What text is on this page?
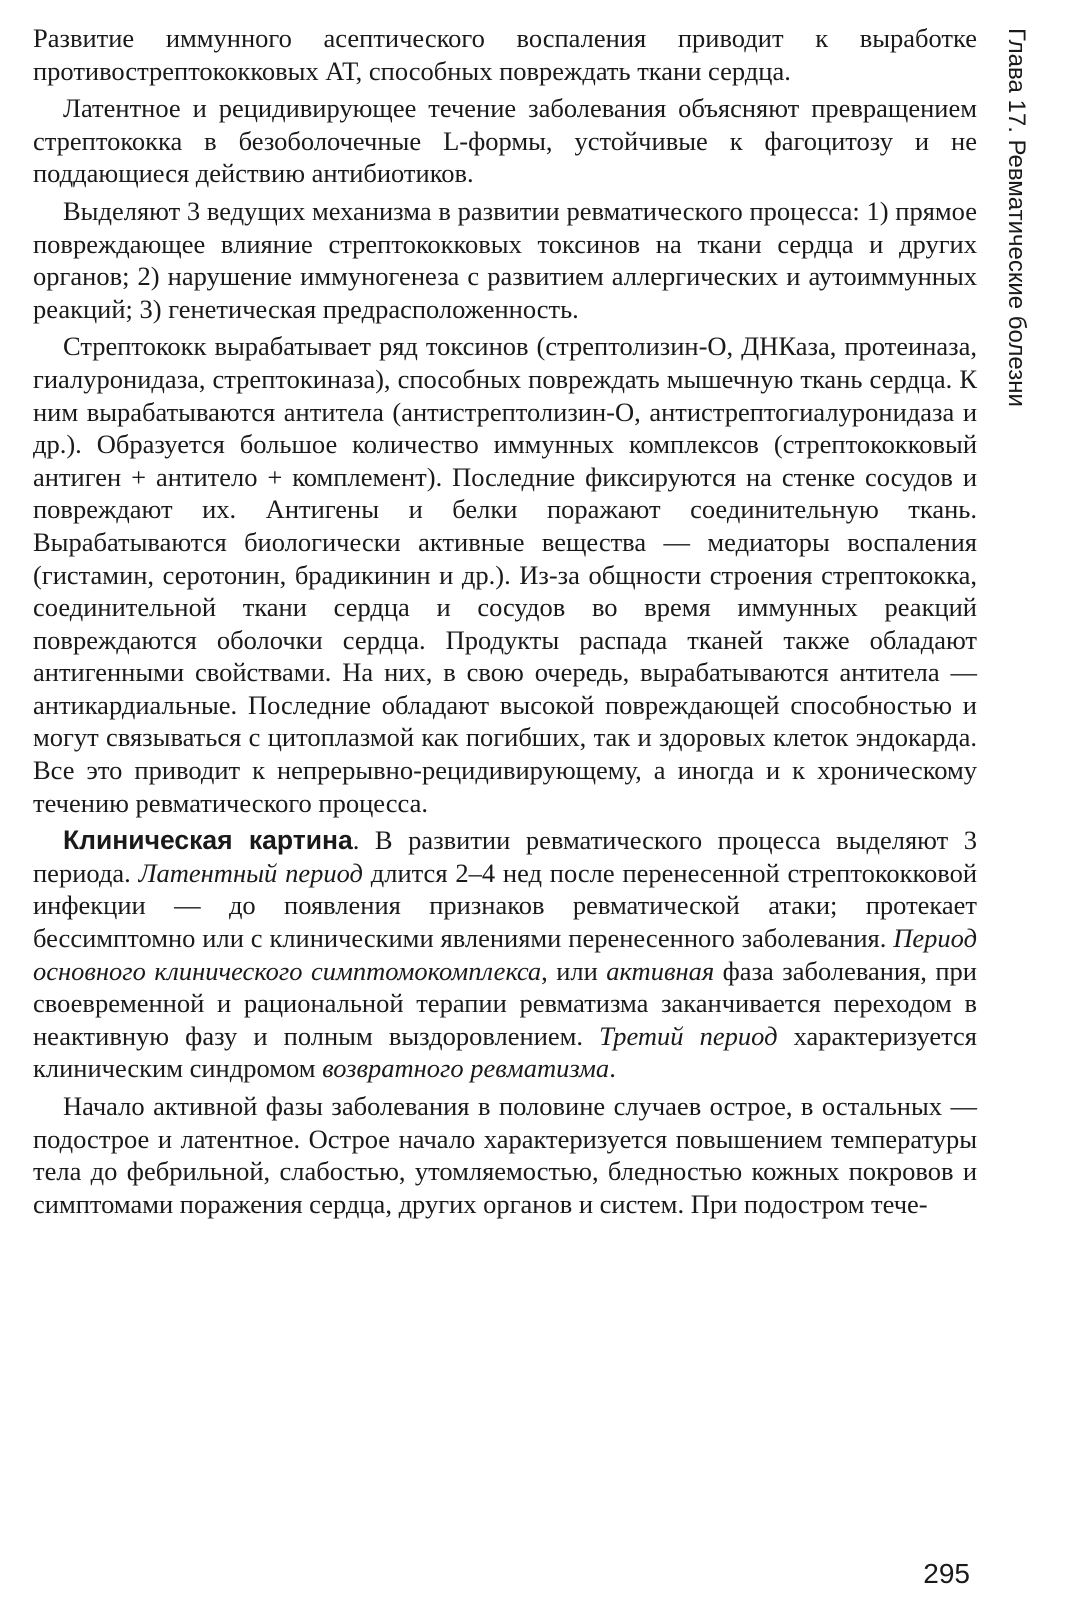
Глава 17. Ревматические болезни

Развитие иммунного асептического воспаления приводит к выработке противострептококковых АТ, способных повреждать ткани сердца.

Латентное и рецидивирующее течение заболевания объясняют превращением стрептококка в безоболочечные L-формы, устойчивые к фагоцитозу и не поддающиеся действию антибиотиков.

Выделяют 3 ведущих механизма в развитии ревматического процесса: 1) прямое повреждающее влияние стрептококковых токсинов на ткани сердца и других органов; 2) нарушение иммуногенеза с развитием аллергических и аутоиммунных реакций; 3) генетическая предрасположенность.

Стрептококк вырабатывает ряд токсинов (стрептолизин-О, ДНКаза, протеиназа, гиалуронидаза, стрептокиназа), способных повреждать мышечную ткань сердца. К ним вырабатываются антитела (антистрептолизин-О, антистрептогиалуронидаза и др.). Образуется большое количество иммунных комплексов (стрептококковый антиген + антитело + комплемент). Последние фиксируются на стенке сосудов и повреждают их. Антигены и белки поражают соединительную ткань. Вырабатываются биологически активные вещества — медиаторы воспаления (гистамин, серотонин, брадикинин и др.). Из-за общности строения стрептококка, соединительной ткани сердца и сосудов во время иммунных реакций повреждаются оболочки сердца. Продукты распада тканей также обладают антигенными свойствами. На них, в свою очередь, вырабатываются антитела — антикардиальные. Последние обладают высокой повреждающей способностью и могут связываться с цитоплазмой как погибших, так и здоровых клеток эндокарда. Все это приводит к непрерывно-рецидивирующему, а иногда и к хроническому течению ревматического процесса.

Клиническая картина. В развитии ревматического процесса выделяют 3 периода. Латентный период длится 2–4 нед после перенесенной стрептококковой инфекции — до появления признаков ревматической атаки; протекает бессимптомно или с клиническими явлениями перенесенного заболевания. Период основного клинического симптомокомплекса, или активная фаза заболевания, при своевременной и рациональной терапии ревматизма заканчивается переходом в неактивную фазу и полным выздоровлением. Третий период характеризуется клиническим синдромом возвратного ревматизма.

Начало активной фазы заболевания в половине случаев острое, в остальных — подострое и латентное. Острое начало характеризуется повышением температуры тела до фебрильной, слабостью, утомляемостью, бледностью кожных покровов и симптомами поражения сердца, других органов и систем. При подостром тече-

295
